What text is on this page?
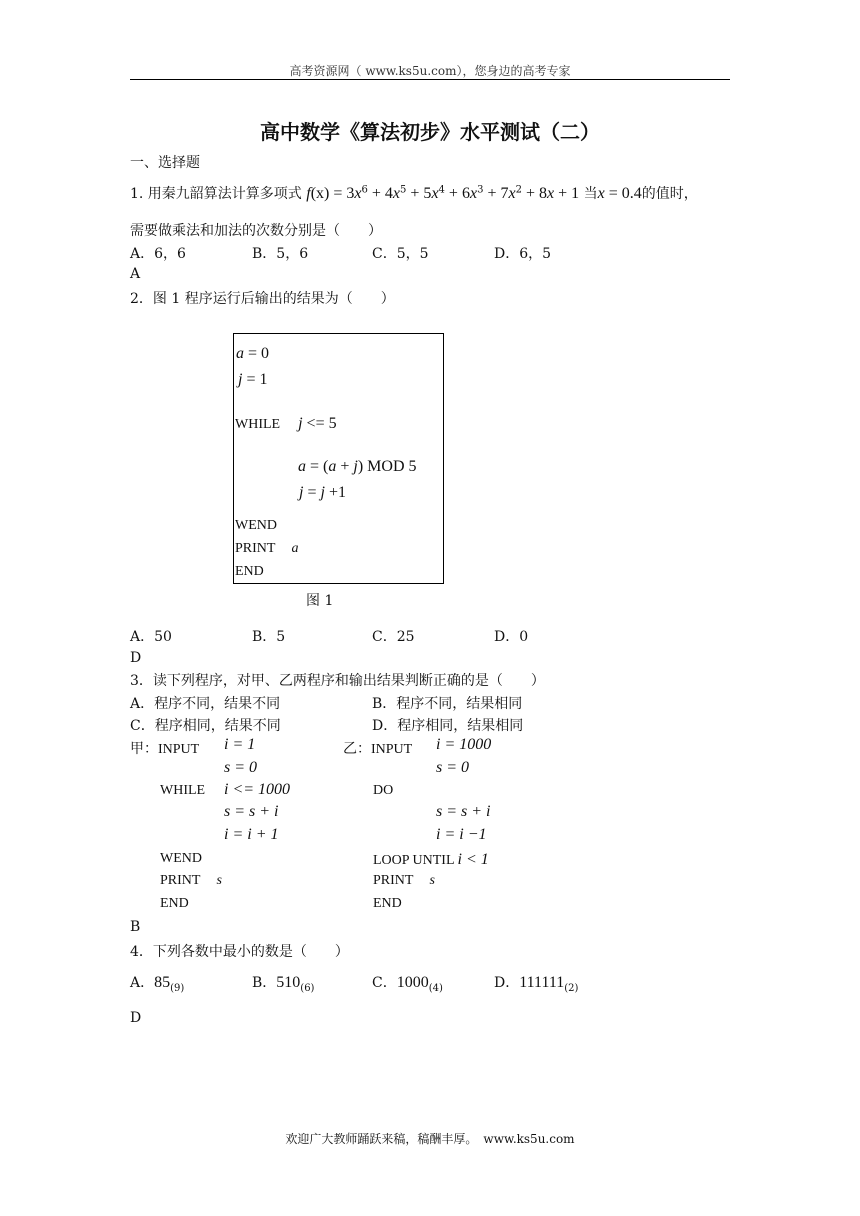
高考资源网（ www.ks5u.com），您身边的高考专家
高中数学《算法初步》水平测试（二）
一、选择题
1. 用秦九韶算法计算多项式 $f(x) = 3x^6 + 4x^5 + 5x^4 + 6x^3 + 7x^2 + 8x + 1$ 当x = 0.4的值时，
需要做乘法和加法的次数分别是（　　）
A．6，6	B．5，6	C．5，5	D．6，5
A
2．图 1 程序运行后输出的结果为（　　）
a = 0
j = 1
WHILE j <= 5
a = (a + j) MOD 5
j = j +1
WEND
PRINT a
END
图 1
A．50	B．5	C．25	D．0
D
3．读下列程序，对甲、乙两程序和输出结果判断正确的是（　　）
A．程序不同，结果不同	B．程序不同，结果相同
C．程序相同，结果不同	D．程序相同，结果相同
甲：INPUT i = 1
s = 0
WHILE i <= 1000
s = s + i
i = i + 1
WEND
PRINT s
END
乙：INPUT i = 1000
s = 0
DO
s = s + i
i = i −1
LOOP UNTIL i < 1
PRINT s
END
B
4．下列各数中最小的数是（　　）
A．$85_{(9)}$	B．$510_{(6)}$	C．$1000_{(4)}$	D．$111111_{(2)}$
D
欢迎广大教师踊跃来稿，稿酬丰厚。　www.ks5u.com
